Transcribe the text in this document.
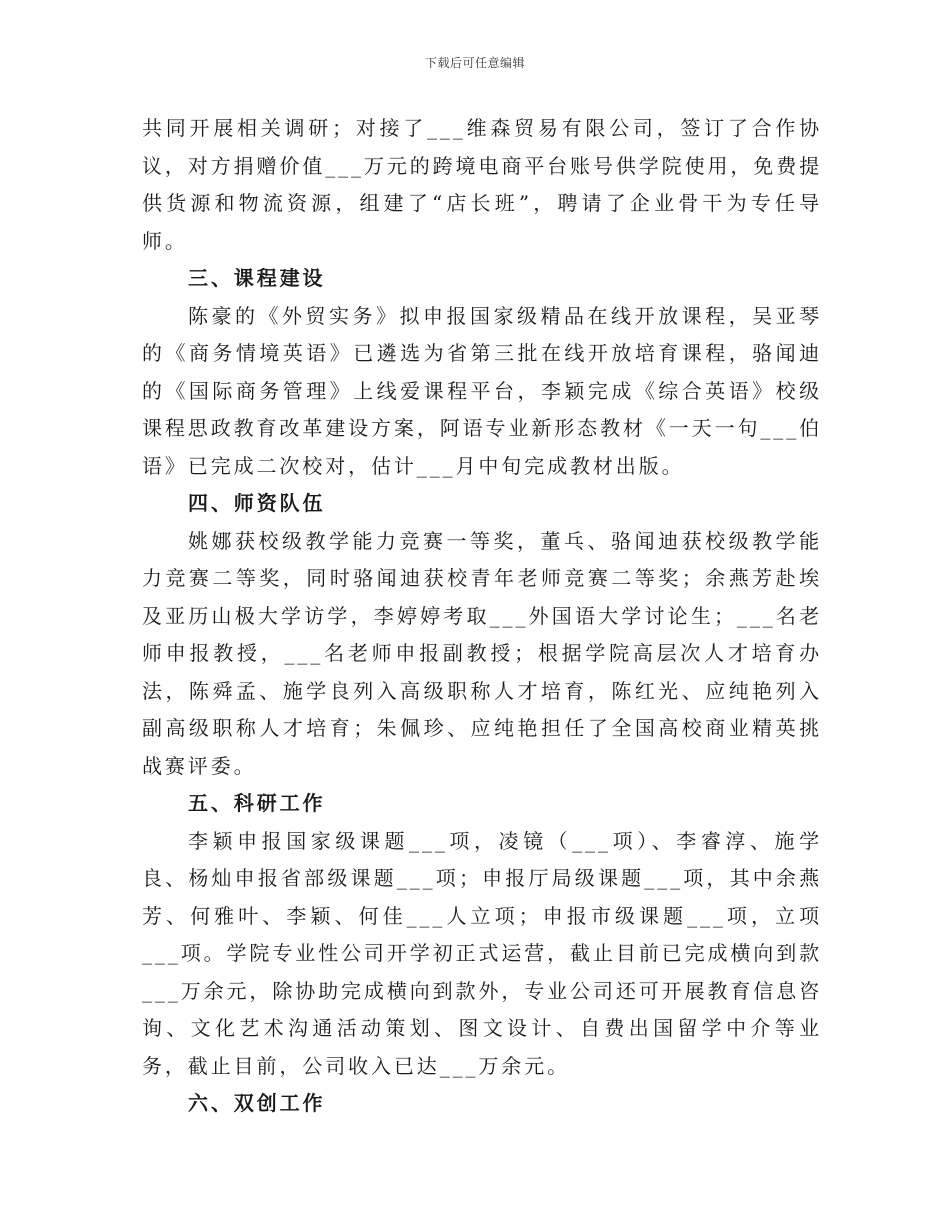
下载后可任意编辑

共同开展相关调研；对接了___维森贸易有限公司，签订了合作协议，对方捐赠价值___万元的跨境电商平台账号供学院使用，免费提供货源和物流资源，组建了“店长班”，聘请了企业骨干为专任导师。

三、课程建设

陈豪的《外贸实务》拟申报国家级精品在线开放课程，吴亚琴的《商务情境英语》已遴选为省第三批在线开放培育课程，骆闻迪的《国际商务管理》上线爱课程平台，李颖完成《综合英语》校级课程思政教育改革建设方案，阿语专业新形态教材《一天一句___伯语》已完成二次校对，估计___月中旬完成教材出版。

四、师资队伍

姚娜获校级教学能力竞赛一等奖，董乓、骆闻迪获校级教学能力竞赛二等奖，同时骆闻迪获校青年老师竞赛二等奖；余燕芳赴埃及亚历山极大学访学，李婷婷考取___外国语大学讨论生；___名老师申报教授，___名老师申报副教授；根据学院高层次人才培育办法，陈舜孟、施学良列入高级职称人才培育，陈红光、应纯艳列入副高级职称人才培育；朱佩珍、应纯艳担任了全国高校商业精英挑战赛评委。

五、科研工作

李颖申报国家级课题___项，凌镜（___项）、李睿淳、施学良、杨灿申报省部级课题___项；申报厅局级课题___项，其中余燕芳、何雅叶、李颖、何佳___人立项；申报市级课题___项，立项___项。学院专业性公司开学初正式运营，截止目前已完成横向到款___万余元，除协助完成横向到款外，专业公司还可开展教育信息咨询、文化艺术沟通活动策划、图文设计、自费出国留学中介等业务，截止目前，公司收入已达___万余元。

六、双创工作
